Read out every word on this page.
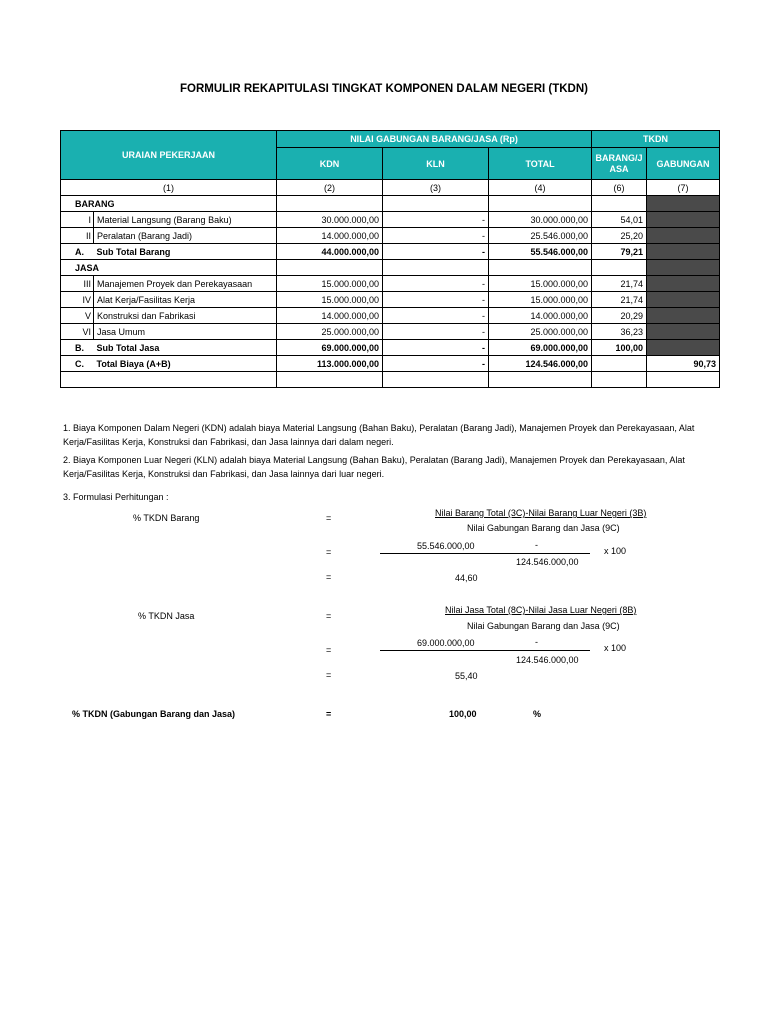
FORMULIR REKAPITULASI TINGKAT KOMPONEN DALAM NEGERI (TKDN)
URAIAN PEKERJAAN		NILAI GABUNGAN BARANG/JASA (Rp)			TKDN	
		KDN	KLN	TOTAL	BARANG/J ASA	GABUNGAN
(1)		(2)	(3)	(4)	(6)	(7)
BARANG						
I	Material Langsung (Barang Baku)	30.000.000,00	-	30.000.000,00	54,01	
II	Peralatan (Barang Jadi)	14.000.000,00	-	25.546.000,00	25,20	
A.	Sub Total Barang	44.000.000,00	-	55.546.000,00	79,21	
JASA						
III	Manajemen Proyek dan Perekayasaan	15.000.000,00	-	15.000.000,00	21,74	
IV	Alat Kerja/Fasilitas Kerja	15.000.000,00	-	15.000.000,00	21,74	
V	Konstruksi dan Fabrikasi	14.000.000,00	-	14.000.000,00	20,29	
VI	Jasa Umum	25.000.000,00	-	25.000.000,00	36,23	
B.	Sub Total Jasa	69.000.000,00	-	69.000.000,00	100,00	
C.	Total Biaya (A+B)	113.000.000,00	-	124.546.000,00		90,73

1. Biaya Komponen Dalam Negeri (KDN) adalah biaya Material Langsung (Bahan Baku), Peralatan (Barang Jadi), Manajemen Proyek dan Perekayasaan, Alat Kerja/Fasilitas Kerja, Konstruksi dan Fabrikasi, dan Jasa lainnya dari dalam negeri.
2. Biaya Komponen Luar Negeri (KLN) adalah biaya Material Langsung (Bahan Baku), Peralatan (Barang Jadi), Manajemen Proyek dan Perekayasaan, Alat Kerja/Fasilitas Kerja, Konstruksi dan Fabrikasi, dan Jasa lainnya dari luar negeri.
3. Formulasi Perhitungan :
% TKDN Barang	=	Nilai Barang Total (3C)-Nilai Barang Luar Negeri (3B)
Nilai Gabungan Barang dan Jasa (9C)
=
55.546.000,00	-
124.546.000,00
x 100
=	44,60
% TKDN Jasa	=
Nilai Jasa Total (8C)-Nilai Jasa Luar Negeri (8B)
Nilai Gabungan Barang dan Jasa (9C)
=
69.000.000,00	-
124.546.000,00
x 100
=	55,40
% TKDN (Gabungan Barang dan Jasa)	=	100,00	%
